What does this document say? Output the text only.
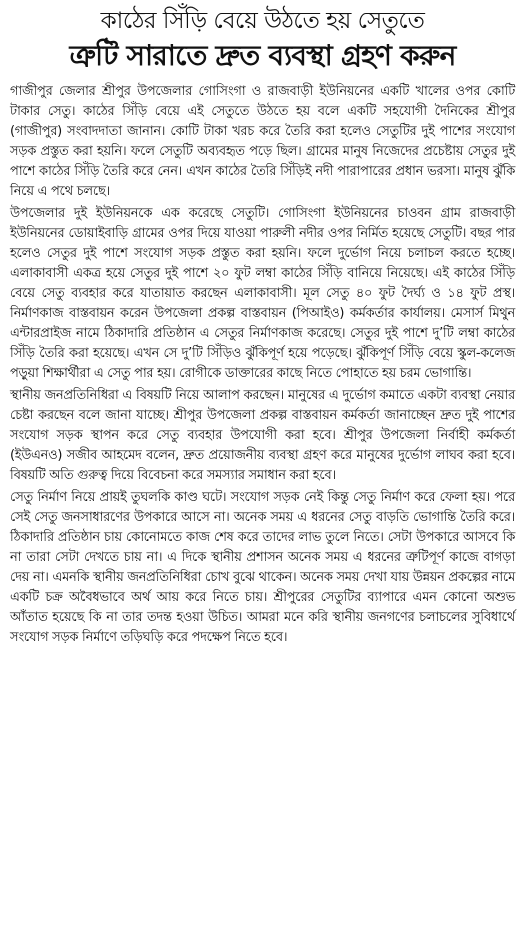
কাঠের সিঁড়ি বেয়ে উঠতে হয় সেতুতে
ত্রুটি সারাতে দ্রুত ব্যবস্থা গ্রহণ করুন

গাজীপুর জেলার শ্রীপুর উপজেলার গোসিংগা ও রাজবাড়ী ইউনিয়নের একটি খালের ওপর কোটি টাকার সেতু। কাঠের সিঁড়ি বেয়ে এই সেতুতে উঠতে হয় বলে একটি সহযোগী দৈনিকের শ্রীপুর (গাজীপুর) সংবাদদাতা জানান। কোটি টাকা খরচ করে তৈরি করা হলেও সেতুটির দুই পাশের সংযোগ সড়ক প্রস্তুত করা হয়নি। ফলে সেতুটি অব্যবহৃত পড়ে ছিল। গ্রামের মানুষ নিজেদের প্রচেষ্টায় সেতুর দুই পাশে কাঠের সিঁড়ি তৈরি করে নেন। এখন কাঠের তৈরি সিঁড়িই নদী পারাপারের প্রধান ভরসা। মানুষ ঝুঁকি নিয়ে এ পথে চলছে।

উপজেলার দুই ইউনিয়নকে এক করেছে সেতুটি। গোসিংগা ইউনিয়নের চাওবন গ্রাম রাজবাড়ী ইউনিয়নের ডোয়াইবাড়ি গ্রামের ওপর দিয়ে যাওয়া পারুলী নদীর ওপর নির্মিত হয়েছে সেতুটি। বছর পার হলেও সেতুর দুই পাশে সংযোগ সড়ক প্রস্তুত করা হয়নি। ফলে দুর্ভোগ নিয়ে চলাচল করতে হচ্ছে। এলাকাবাসী একত্র হয়ে সেতুর দুই পাশে ২০ ফুট লম্বা কাঠের সিঁড়ি বানিয়ে নিয়েছে। এই কাঠের সিঁড়ি বেয়ে সেতু ব্যবহার করে যাতায়াত করছেন এলাকাবাসী। মূল সেতু ৪০ ফুট দৈর্ঘ্য ও ১৪ ফুট প্রস্থ। নির্মাণকাজ বাস্তবায়ন করেন উপজেলা প্রকল্প বাস্তবায়ন (পিআইও) কর্মকর্তার কার্যালয়। মেসার্স মিথুন এন্টারপ্রাইজ নামে ঠিকাদারি প্রতিষ্ঠান এ সেতুর নির্মাণকাজ করেছে। সেতুর দুই পাশে দু’টি লম্বা কাঠের সিঁড়ি তৈরি করা হয়েছে। এখন সে দু’টি সিঁড়িও ঝুঁকিপূর্ণ হয়ে পড়েছে। ঝুঁকিপূর্ণ সিঁড়ি বেয়ে স্কুল-কলেজ পড়ুয়া শিক্ষার্থীরা এ সেতু পার হয়। রোগীকে ডাক্তারের কাছে নিতে পোহাতে হয় চরম ভোগান্তি।

স্থানীয় জনপ্রতিনিধিরা এ বিষয়টি নিয়ে আলাপ করছেন। মানুষের এ দুর্ভোগ কমাতে একটা ব্যবস্থা নেয়ার চেষ্টা করছেন বলে জানা যাচ্ছে। শ্রীপুর উপজেলা প্রকল্প বাস্তবায়ন কর্মকর্তা জানাচ্ছেন দ্রুত দুই পাশের সংযোগ সড়ক স্থাপন করে সেতু ব্যবহার উপযোগী করা হবে। শ্রীপুর উপজেলা নির্বাহী কর্মকর্তা (ইউএনও) সজীব আহমেদ বলেন, দ্রুত প্রয়োজনীয় ব্যবস্থা গ্রহণ করে মানুষের দুর্ভোগ লাঘব করা হবে। বিষয়টি অতি গুরুত্ব দিয়ে বিবেচনা করে সমস্যার সমাধান করা হবে।

সেতু নির্মাণ নিয়ে প্রায়ই তুঘলকি কাণ্ড ঘটে। সংযোগ সড়ক নেই কিন্তু সেতু নির্মাণ করে ফেলা হয়। পরে সেই সেতু জনসাধারণের উপকারে আসে না। অনেক সময় এ ধরনের সেতু বাড়তি ভোগান্তি তৈরি করে। ঠিকাদারি প্রতিষ্ঠান চায় কোনোমতে কাজ শেষ করে তাদের লাভ তুলে নিতে। সেটা উপকারে আসবে কি না তারা সেটা দেখতে চায় না। এ দিকে স্থানীয় প্রশাসন অনেক সময় এ ধরনের ত্রুটিপূর্ণ কাজে বাগড়া দেয় না। এমনকি স্থানীয় জনপ্রতিনিধিরা চোখ বুঝে থাকেন। অনেক সময় দেখা যায় উন্নয়ন প্রকল্পের নামে একটি চক্র অবৈধভাবে অর্থ আয় করে নিতে চায়। শ্রীপুরের সেতুটির ব্যাপারে এমন কোনো অশুভ আঁতাত হয়েছে কি না তার তদন্ত হওয়া উচিত। আমরা মনে করি স্থানীয় জনগণের চলাচলের সুবিধার্থে সংযোগ সড়ক নির্মাণে তড়িঘড়ি করে পদক্ষেপ নিতে হবে।
